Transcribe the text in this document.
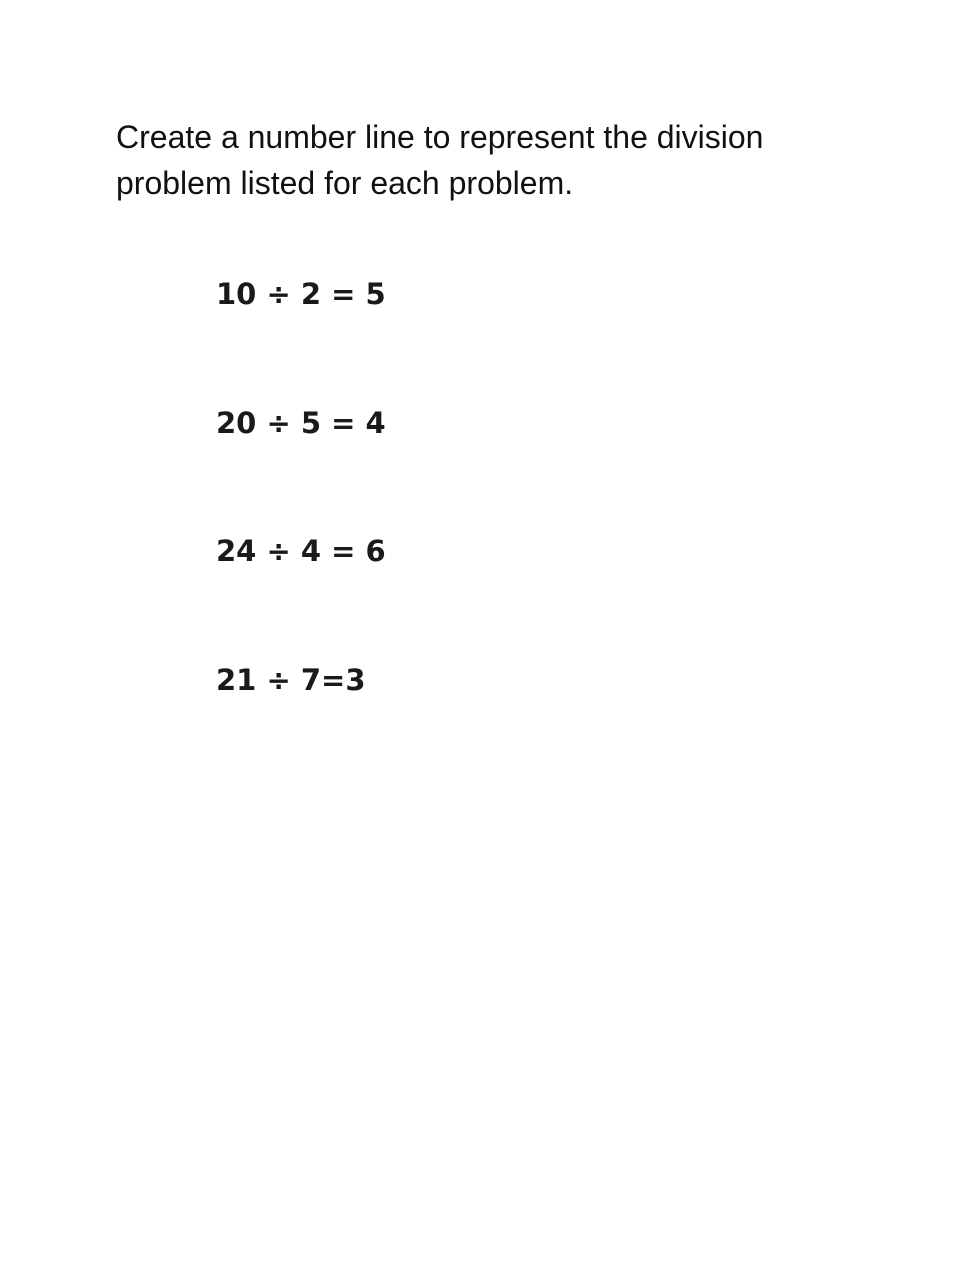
Create a number line to represent the division problem listed for each problem.

10 ÷ 2 = 5

20 ÷ 5 = 4

24 ÷ 4 = 6

21 ÷ 7=3
